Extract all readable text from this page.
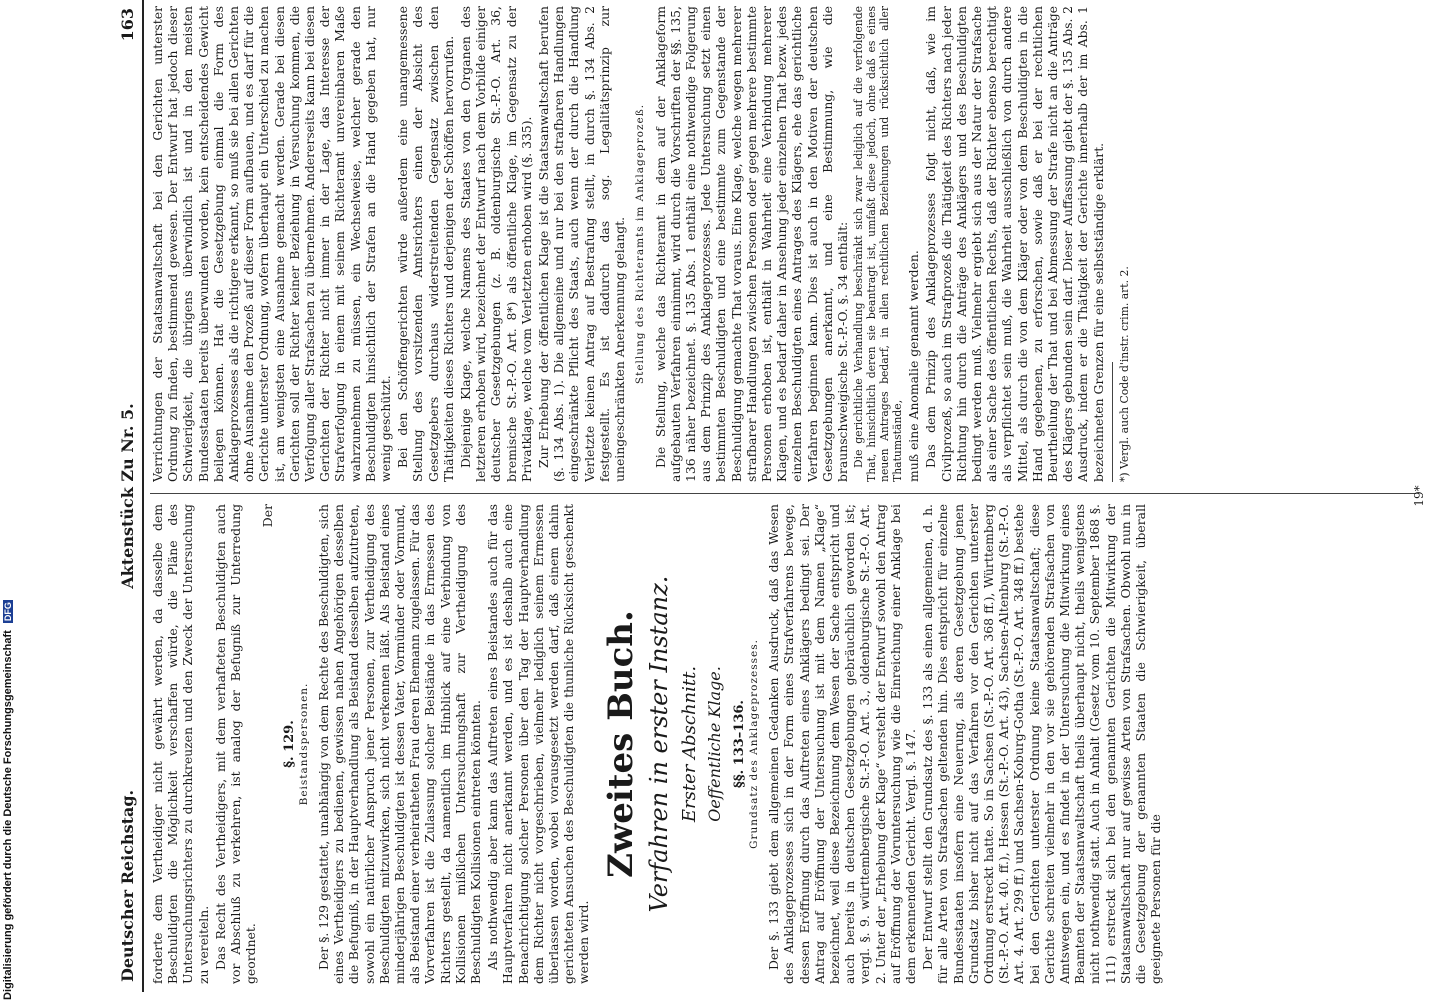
Deutscher Reichstag.
Aktenstück Zu Nr. 5.
163

forderte dem Vertheidiger nicht gewährt werden, da dasselbe dem Beschuldigten die Möglichkeit verschaffen würde, die Pläne des Untersuchungsrichters zu durchkreuzen und den Zweck der Untersuchung zu vereiteln. Das Recht des Vertheidigers, mit dem verhafteten Beschuldigten auch vor Abschluß zu verkehren, ist analog der Befugniß zur Unterredung geordnet.

Der

§. 129. Beistandspersonen. Der §. 129 gestattet, unabhängig von dem Rechte des Beschuldigten, sich eines Vertheidigers zu bedienen, gewissen nahen Angehörigen desselben die Befugniß, in der Hauptverhandlung als Beistand desselben aufzutreten, sowohl ein natürlicher Anspruch jener Personen, zur Vertheidigung des Beschuldigten mitzuwirken, sich nicht verkennen läßt. Als Beistand eines minderjährigen Beschuldigten ist dessen Vater, Vormünder oder Vormund, als Beistand einer verheiratheten Frau deren Ehemann zugelassen. Für das Vorverfahren ist die Zulassung solcher Beistände in das Ermessen des Richters gestellt, da namentlich im Hinblick auf eine Verbindung von Kollisionen mißlichen Untersuchungshaft zur Vertheidigung des Beschuldigten Kollisionen eintreten könnten. Als nothwendig aber kann das Auftreten eines Beistandes auch für das Hauptverfahren nicht anerkannt werden, und es ist deshalb auch eine Benachrichtigung solcher Personen über den Tag der Hauptverhandlung dem Richter nicht vorgeschrieben, vielmehr lediglich seinem Ermessen überlassen worden, wobei vorausgesetzt werden darf, daß einem dahin gerichteten Ansuchen des Beschuldigten die thunliche Rücksicht geschenkt werden wird.

Zweites Buch. Verfahren in erster Instanz. Erster Abschnitt. Oeffentliche Klage. §§. 133–136. Grundsatz des Anklageprozesses. Der §. 133 giebt dem allgemeinen Gedanken Ausdruck, daß das Wesen des Anklageprozesses sich in der Form eines Strafverfahrens bewege, dessen Eröffnung durch das Auftreten eines Anklägers bedingt sei. Der Antrag auf Eröffnung der Untersuchung ist mit dem Namen „Klage“ bezeichnet, weil diese Bezeichnung dem Wesen der Sache entspricht und auch bereits in deutschen Gesetzgebungen gebräuchlich geworden ist; vergl. §. 9. württembergische St.-P.-O. Art. 3., oldenburgische St.-P.-O. Art. 2. Unter der „Erhebung der Klage“ versteht der Entwurf sowohl den Antrag auf Eröffnung der Voruntersuchung wie die Einreichung einer Anklage bei dem erkennenden Gericht. Vergl. §. 147. Der Entwurf stellt den Grundsatz des §. 133 als einen allgemeinen, d. h. für alle Arten von Strafsachen geltenden hin. Dies entspricht für einzelne Bundesstaaten insofern eine Neuerung, als deren Gesetzgebung jenen Grundsatz bisher nicht auf das Verfahren vor den Gerichten unterster Ordnung erstreckt hatte. So in Sachsen (St.-P.-O. Art. 368 ff.), Württemberg (St.-P.-O. Art. 40. ff.), Hessen (St.-P.-O. Art. 43), Sachsen-Altenburg (St.-P.-O. Art. 4. Art. 299 ff.) und Sachsen-Koburg-Gotha (St.-P.-O. Art. 348 ff.) bestehe bei den Gerichten unterster Ordnung keine Staatsanwaltschaft; diese Gerichte schreiten vielmehr in den vor sie gehörenden Strafsachen von Amtswegen ein, und es findet in der Untersuchung die Mitwirkung eines Beamten der Staatsanwaltschaft theils überhaupt nicht, theils wenigstens nicht nothwendig statt. Auch in Anhalt (Gesetz vom 10. September 1868 §. 111) erstreckt sich bei den genannten Gerichten die Mitwirkung der Staatsanwaltschaft nur auf gewisse Arten von Strafsachen. Obwohl nun in die Gesetzgebung der genannten Staaten die Schwierigkeit, überall geeignete Personen für die

Verrichtungen der Staatsanwaltschaft bei den Gerichten unterster Ordnung zu finden, bestimmend gewesen. Der Entwurf hat jedoch dieser Schwierigkeit, die übrigens überwindlich ist und in den meisten Bundesstaaten bereits überwunden worden, kein entscheidendes Gewicht beilegen können. Hat die Gesetzgebung einmal die Form des Anklageprozesses als die richtigere erkannt, so muß sie bei allen Gerichten ohne Ausnahme den Prozeß auf dieser Form aufbauen, und es darf für die Gerichte unterster Ordnung, wofern überhaupt ein Unterschied zu machen ist, am wenigsten eine Ausnahme gemacht werden. Gerade bei diesen Gerichten soll der Richter keiner Beziehung in Versuchung kommen, die Verfolgung aller Strafsachen zu übernehmen. Andererseits kann bei diesen Gerichten der Richter nicht immer in der Lage, das Interesse der Strafverfolgung in einem mit seinem Richteramt unvereinbaren Maße wahrzunehmen zu müssen, ein Wechselweise, welcher gerade den Beschuldigten hinsichtlich der Strafen an die Hand gegeben hat, nur wenig geschützt. Bei den Schöffengerichten würde außerdem eine unangemessene Stellung des vorsitzenden Amtsrichters einen der Absicht des Gesetzgebers durchaus widerstreitenden Gegensatz zwischen den Thätigkeiten dieses Richters und derjenigen der Schöffen hervorrufen. Diejenige Klage, welche Namens des Staates von den Organen des letzteren erhoben wird, bezeichnet der Entwurf nach dem Vorbilde einiger deutscher Gesetzgebungen (z. B. oldenburgische St.-P.-O. Art. 36, bremische St.-P.-O. Art. 8*) als öffentliche Klage, im Gegensatz zu der Privatklage, welche vom Verletzten erhoben wird (§. 335). Zur Erhebung der öffentlichen Klage ist die Staatsanwaltschaft berufen (§. 134 Abs. 1). Die allgemeine und nur bei den strafbaren Handlungen eingeschränkte Pflicht des Staats, auch wenn der durch die Handlung Verletzte keinen Antrag auf Bestrafung stellt, in durch §. 134 Abs. 2 festgestellt. Es ist dadurch das sog. Legalitätsprinzip zur uneingeschränkten Anerkennung gelangt. Stellung des Richteramts im Anklageprozeß. Die Stellung, welche das Richteramt in dem auf der Anklageform aufgebauten Verfahren einnimmt, wird durch die Vorschriften der §§. 135, 136 näher bezeichnet. §. 135 Abs. 1 enthält eine nothwendige Folgerung aus dem Prinzip des Anklageprozesses. Jede Untersuchung setzt einen bestimmten Beschuldigten und eine bestimmte zum Gegenstande der Beschuldigung gemachte That voraus. Eine Klage, welche wegen mehrerer strafbarer Handlungen zwischen Personen oder gegen mehrere bestimmte Personen erhoben ist, enthält in Wahrheit eine Verbindung mehrerer Klagen, und es bedarf daher in Ansehung jeder einzelnen That bezw. jedes einzelnen Beschuldigten eines Antrages des Klägers, ehe das gerichtliche Verfahren beginnen kann. Dies ist auch in den Motiven der deutschen Gesetzgebungen anerkannt, und eine Bestimmung, wie die braunschweigische St.-P.-O. §. 34 enthält: Die gerichtliche Verhandlung beschränkt sich zwar lediglich auf die verfolgende That, hinsichtlich deren sie beantragt ist, umfaßt diese jedoch, ohne daß es eines neuen Antrages bedarf, in allen rechtlichen Beziehungen und rücksichtlich aller Thatumstände, muß eine Anomalie genannt werden. Das dem Prinzip des Anklageprozesses folgt nicht, daß, wie im Civilprozeß, so auch im Strafprozeß die Thätigkeit des Richters nach jeder Richtung hin durch die Anträge des Anklägers und des Beschuldigten bedingt werden muß. Vielmehr ergiebt sich aus der Natur der Strafsache als einer Sache des öffentlichen Rechts, daß der Richter ebenso berechtigt als verpflichtet sein muß, die Wahrheit ausschließlich von durch andere Mittel, als durch die von dem Kläger oder von dem Beschuldigten in die Hand gegebenen, zu erforschen, sowie daß er bei der rechtlichen Beurtheilung der That und bei Abmessung der Strafe nicht an die Anträge des Klägers gebunden sein darf. Dieser Auffassung giebt der §. 135 Abs. 2 Ausdruck, indem er die Thätigkeit der Gerichte innerhalb der im Abs. 1 bezeichneten Grenzen für eine selbstständige erklärt. *) Vergl. auch Code d'instr. crim. art. 2.

19*
Digitalisierung gefördert durch die Deutsche Forschungsgemeinschaft DFG
